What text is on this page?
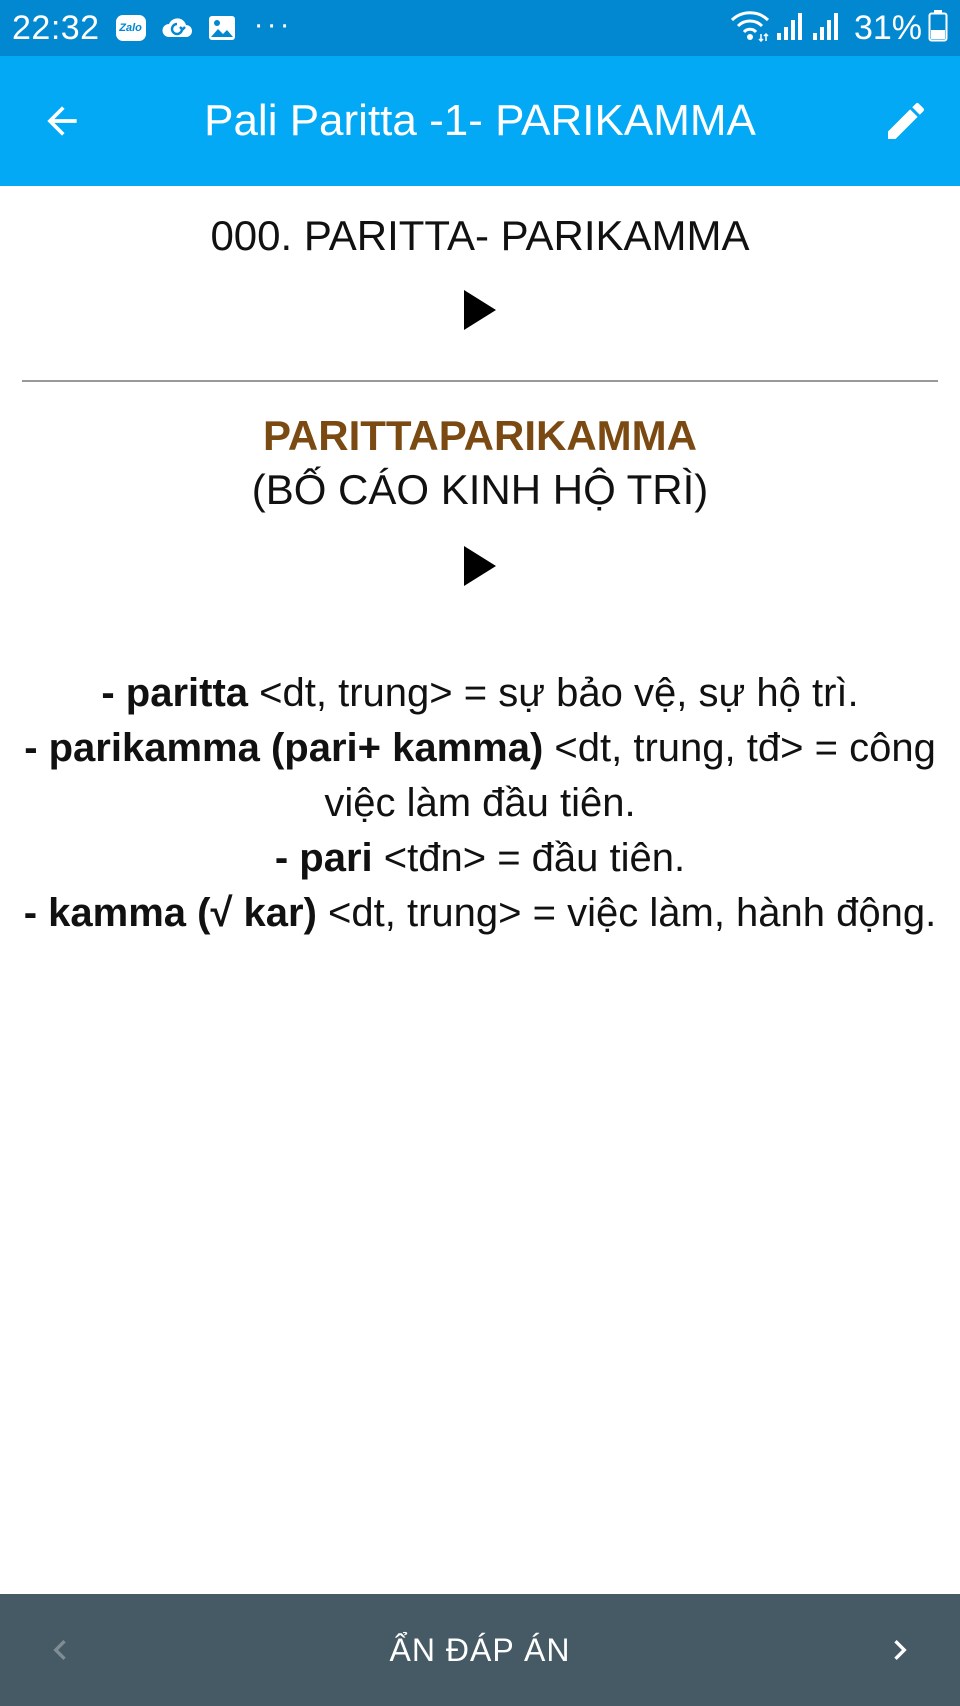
22:32	Zalo	···	31%
Pali Paritta -1- PARIKAMMA
000. PARITTA- PARIKAMMA
PARITTAPARIKAMMA
(BỐ CÁO KINH HỘ TRÌ)
- paritta <dt, trung> = sự bảo vệ, sự hộ trì.
- parikamma (pari+ kamma) <dt, trung, tđ> = công việc làm đầu tiên.
- pari <tđn> = đầu tiên.
- kamma (√ kar) <dt, trung> = việc làm, hành động.
ẨN ĐÁP ÁN
